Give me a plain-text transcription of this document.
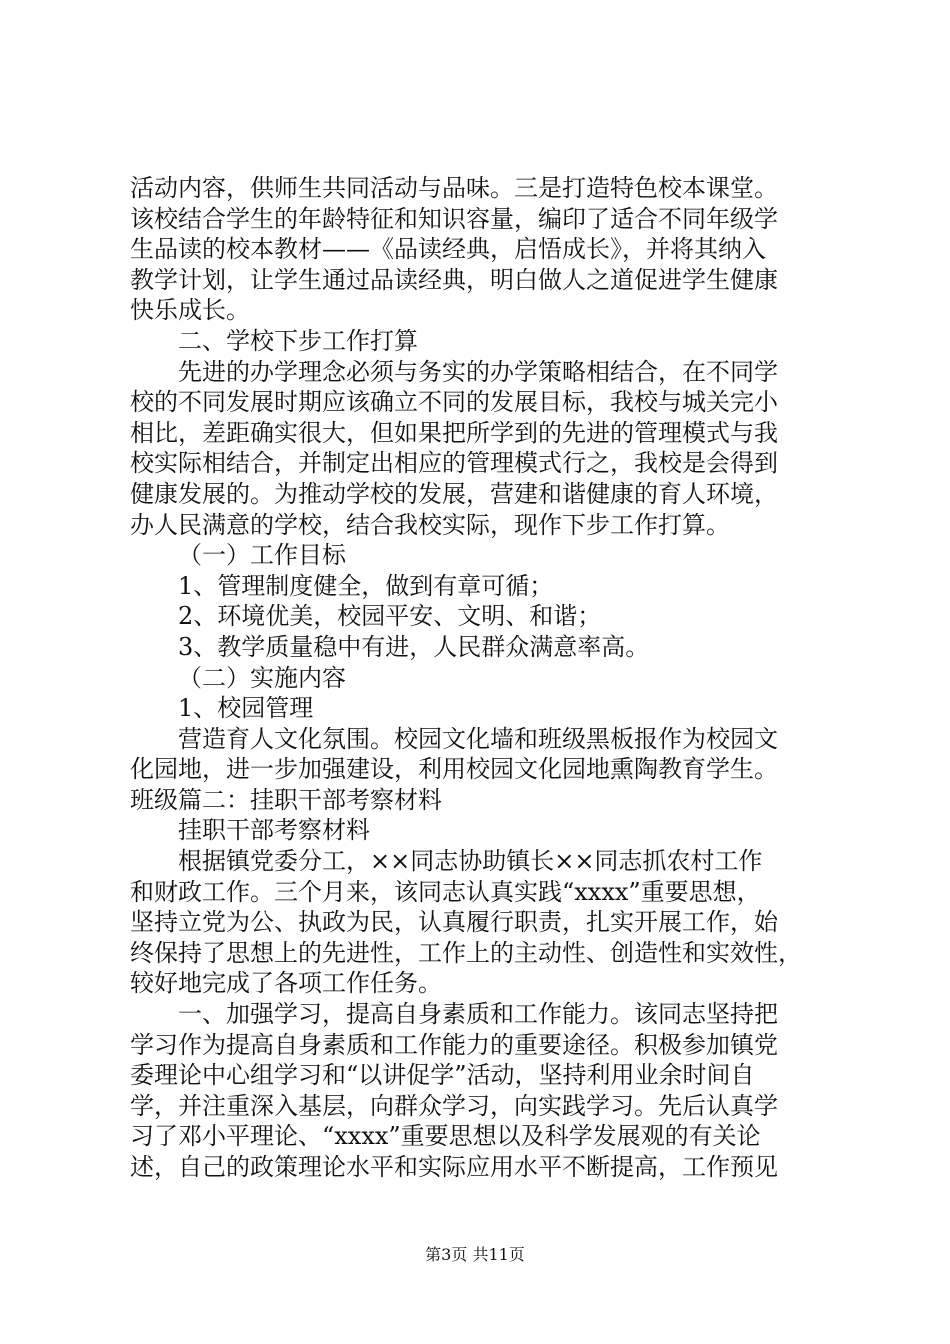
活动内容，供师生共同活动与品味。三是打造特色校本课堂。
该校结合学生的年龄特征和知识容量，编印了适合不同年级学
生品读的校本教材——《品读经典，启悟成长》，并将其纳入
教学计划，让学生通过品读经典，明白做人之道促进学生健康
快乐成长。
二、学校下步工作打算
先进的办学理念必须与务实的办学策略相结合，在不同学
校的不同发展时期应该确立不同的发展目标，我校与城关完小
相比，差距确实很大，但如果把所学到的先进的管理模式与我
校实际相结合，并制定出相应的管理模式行之，我校是会得到
健康发展的。为推动学校的发展，营建和谐健康的育人环境，
办人民满意的学校，结合我校实际，现作下步工作打算。
（一）工作目标
1、管理制度健全，做到有章可循；
2、环境优美，校园平安、文明、和谐；
3、教学质量稳中有进，人民群众满意率高。
（二）实施内容
1、校园管理
营造育人文化氛围。校园文化墙和班级黑板报作为校园文
化园地，进一步加强建设，利用校园文化园地熏陶教育学生。
班级篇二：挂职干部考察材料
挂职干部考察材料
根据镇党委分工，××同志协助镇长××同志抓农村工作
和财政工作。三个月来，该同志认真实践“xxxx”重要思想，
坚持立党为公、执政为民，认真履行职责，扎实开展工作，始
终保持了思想上的先进性，工作上的主动性、创造性和实效性，
较好地完成了各项工作任务。
一、加强学习，提高自身素质和工作能力。该同志坚持把
学习作为提高自身素质和工作能力的重要途径。积极参加镇党
委理论中心组学习和“以讲促学”活动，坚持利用业余时间自
学，并注重深入基层，向群众学习，向实践学习。先后认真学
习了邓小平理论、“xxxx”重要思想以及科学发展观的有关论
述，自己的政策理论水平和实际应用水平不断提高，工作预见
第3页 共11页
